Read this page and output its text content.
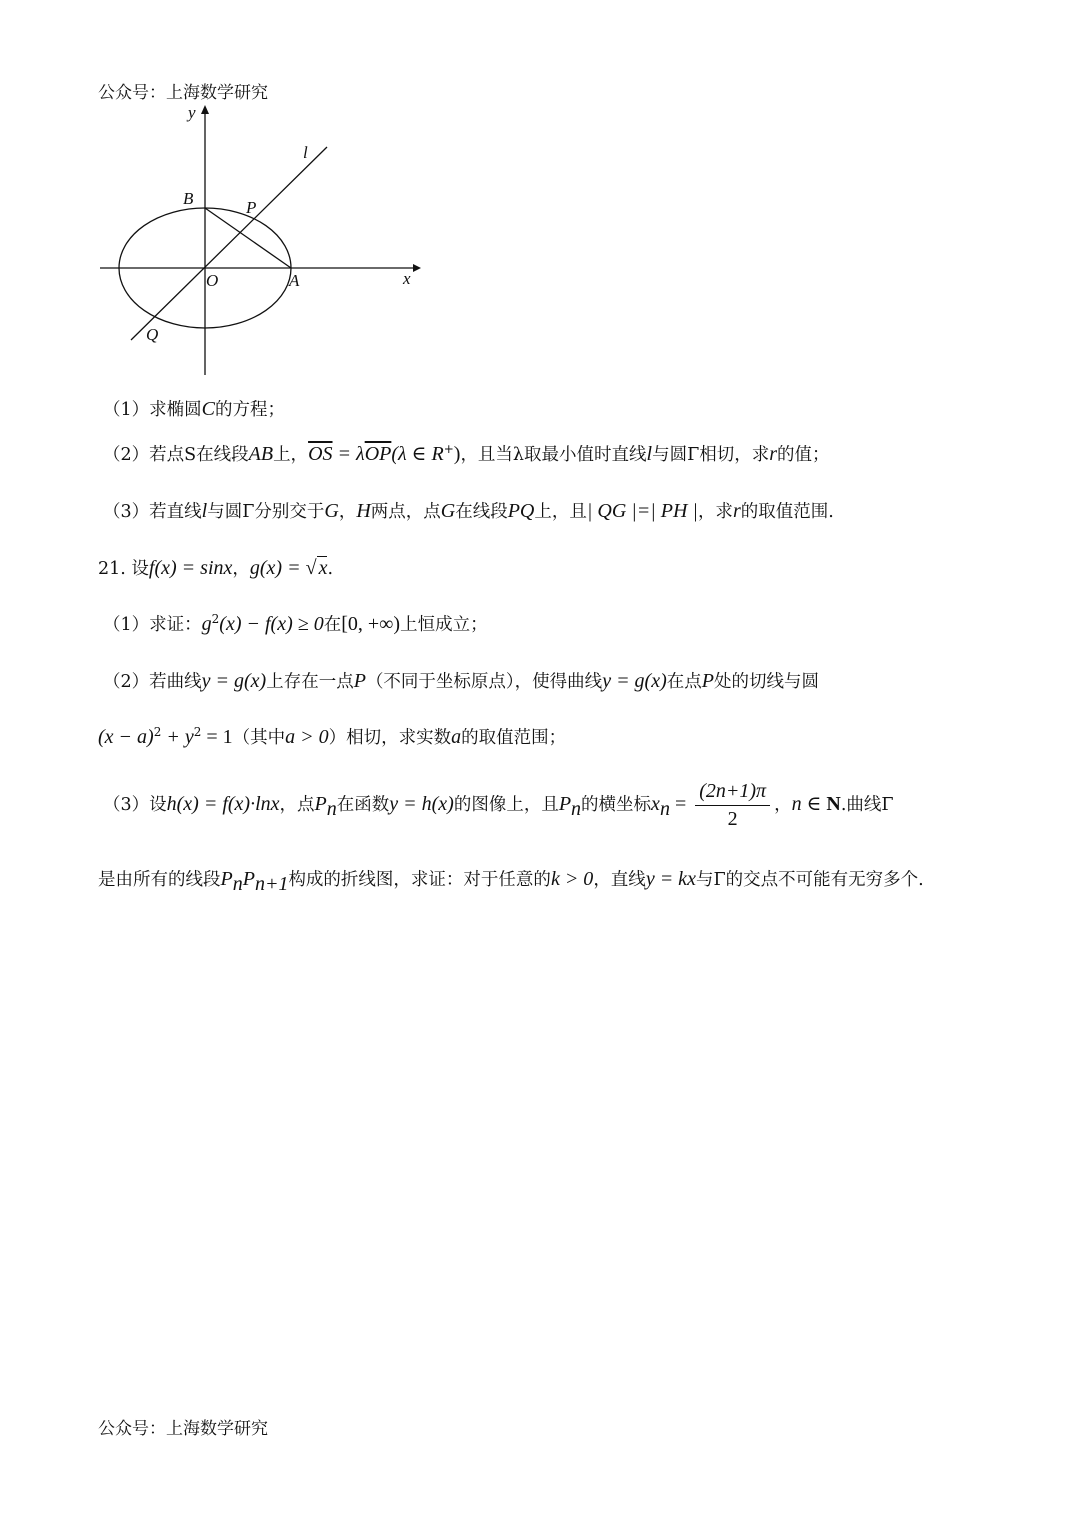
公众号：上海数学研究
y
x
l
B	P
O	A
Q
（1）求椭圆C的方程；
（2）若点S在线段AB上，$\overline{OS} = \lambda\overline{OP}(\lambda$ ∈ R+)，且当λ取最小值时直线l与圆Γ相切，求r的值；
（3）若直线l与圆Γ分别交于G，H两点，点G在线段PQ上，且| QG |=| PH |，求r的取值范围.
21. 设f(x) = sinx，g(x) = √ x.
（1）求证：$g^2(x) - f(x) \ge 0$在[0, +∞)上恒成立；
（2）若曲线y = g(x)上存在一点P（不同于坐标原点），使得曲线y = g(x)在点P处的切线与圆
$(x - a)^2 + y^2 = 1$（其中a > 0）相切，求实数a的取值范围；
（3）设h(x) = f(x)·lnx，点$P_n$在函数y = h(x)的图像上，且$P_n$的横坐标$x_n = \frac{(2n+1)\pi}{2}$ ，n ∈ N.曲线Γ
是由所有的线段$P_nP_{n+1}$构成的折线图，求证：对于任意的k > 0，直线y = kx与Γ的交点不可能有无穷多个.
公众号：上海数学研究
